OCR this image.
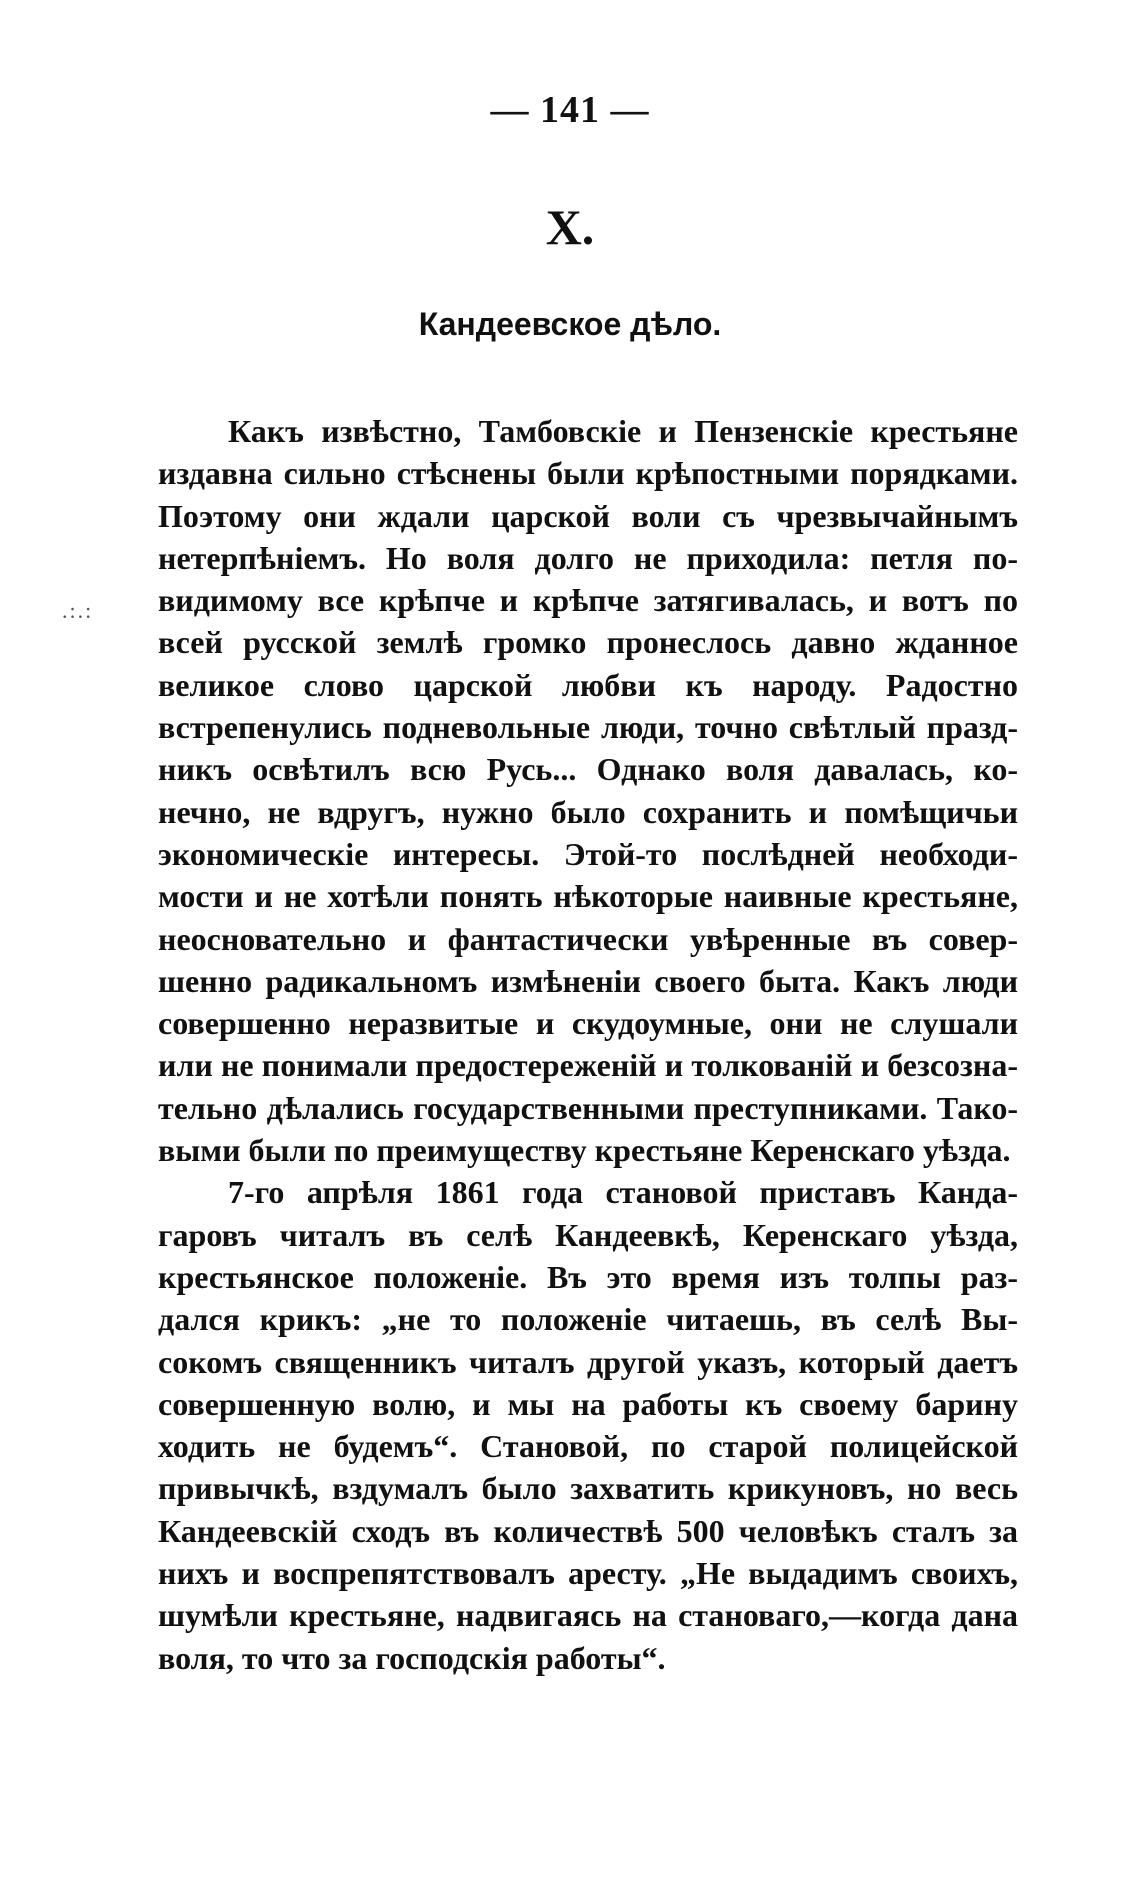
— 141 —
X.
Кандеевское дѣло.
.:.:
Какъ извѣстно, Тамбовскіе и Пензенскіе крестьяне
издавна сильно стѣснены были крѣпостными порядками.
Поэтому они ждали царской воли съ чрезвычайнымъ
нетерпѣніемъ. Но воля долго не приходила: петля по-
видимому все крѣпче и крѣпче затягивалась, и вотъ по
всей русской землѣ громко пронеслось давно жданное
великое слово царской любви къ народу. Радостно
встрепенулись подневольные люди, точно свѣтлый празд-
никъ освѣтилъ всю Русь... Однако воля давалась, ко-
нечно, не вдругъ, нужно было сохранить и помѣщичьи
экономическіе интересы. Этой-то послѣдней необходи-
мости и не хотѣли понять нѣкоторые наивные крестьяне,
неосновательно и фантастически увѣренные въ совер-
шенно радикальномъ измѣненіи своего быта. Какъ люди
совершенно неразвитые и скудоумные, они не слушали
или не понимали предостереженій и толкованій и безсозна-
тельно дѣлались государственными преступниками. Тако-
выми были по преимуществу крестьяне Керенскаго уѣзда.
7-го апрѣля 1861 года становой приставъ Канда-
гаровъ читалъ въ селѣ Кандеевкѣ, Керенскаго уѣзда,
крестьянское положеніе. Въ это время изъ толпы раз-
дался крикъ: „не то положеніе читаешь, въ селѣ Вы-
сокомъ священникъ читалъ другой указъ, который даетъ
совершенную волю, и мы на работы къ своему барину
ходить не будемъ“. Становой, по старой полицейской
привычкѣ, вздумалъ было захватить крикуновъ, но весь
Кандеевскій сходъ въ количествѣ 500 человѣкъ сталъ за
нихъ и воспрепятствовалъ аресту. „Не выдадимъ своихъ,
шумѣли крестьяне, надвигаясь на становаго,—когда дана
воля, то что за господскія работы“.
